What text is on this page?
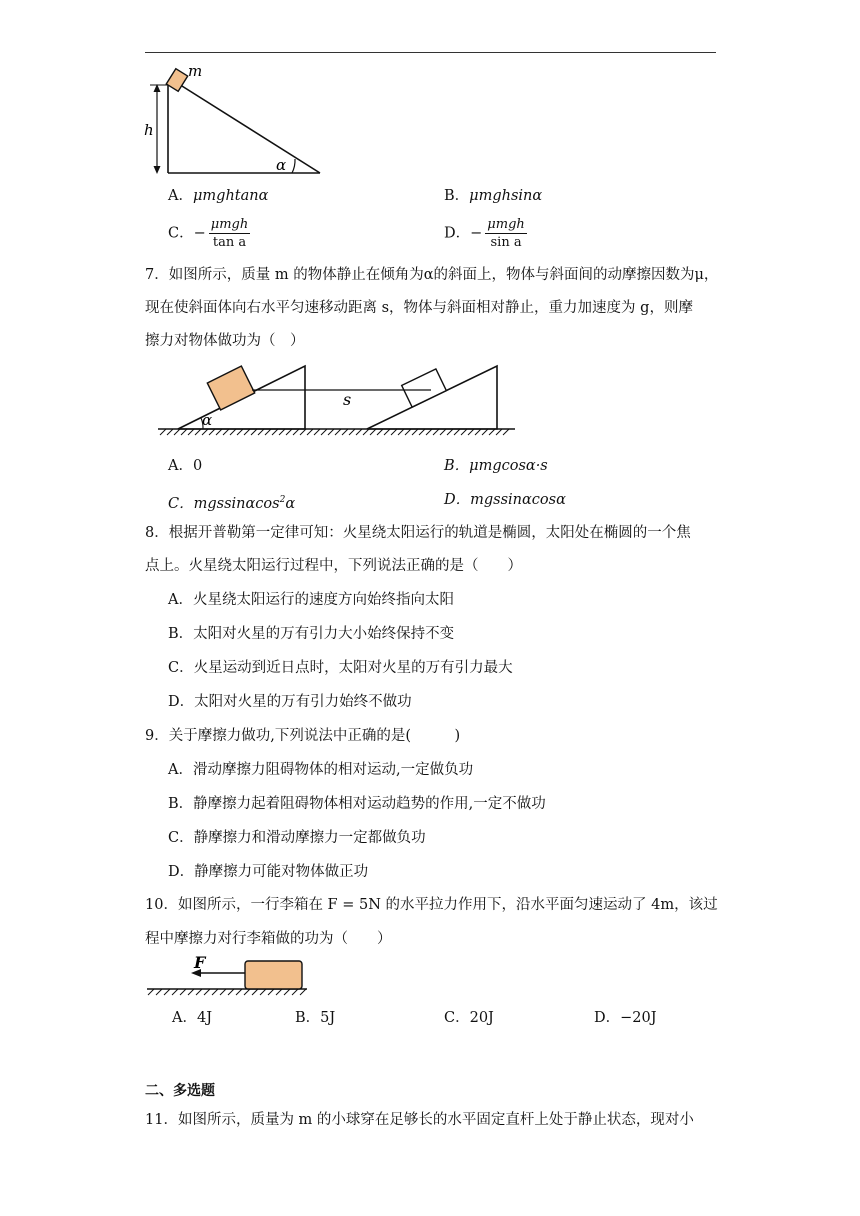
m
h
α
A．μmghtanα	B．μmghsinα
C．− $\frac{\text{μmgh}}{\text{tan a}}$	D．− $\frac{\text{μmgh}}{\text{sin a}}$
7．如图所示，质量 m 的物体静止在倾角为α的斜面上，物体与斜面间的动摩擦因数为μ，
现在使斜面体向右水平匀速移动距离 s，物体与斜面相对静止，重力加速度为 g，则摩
擦力对物体做功为（　）
s
α
A．0	B．μmgcosα·s
C．mgssinαcos$^2$α	D．mgssinαcosα
8．根据开普勒第一定律可知：火星绕太阳运行的轨道是椭圆，太阳处在椭圆的一个焦
点上。火星绕太阳运行过程中，下列说法正确的是（　　）
A．火星绕太阳运行的速度方向始终指向太阳
B．太阳对火星的万有引力大小始终保持不变
C．火星运动到近日点时，太阳对火星的万有引力最大
D．太阳对火星的万有引力始终不做功
9．关于摩擦力做功,下列说法中正确的是(　　　)
A．滑动摩擦力阻碍物体的相对运动,一定做负功
B．静摩擦力起着阻碍物体相对运动趋势的作用,一定不做功
C．静摩擦力和滑动摩擦力一定都做负功
D．静摩擦力可能对物体做正功
10．如图所示，一行李箱在 F = 5N 的水平拉力作用下，沿水平面匀速运动了 4m，该过
程中摩擦力对行李箱做的功为（　　）
F
A．4J	B．5J	C．20J	D．−20J
二、多选题
11．如图所示，质量为 m 的小球穿在足够长的水平固定直杆上处于静止状态，现对小
